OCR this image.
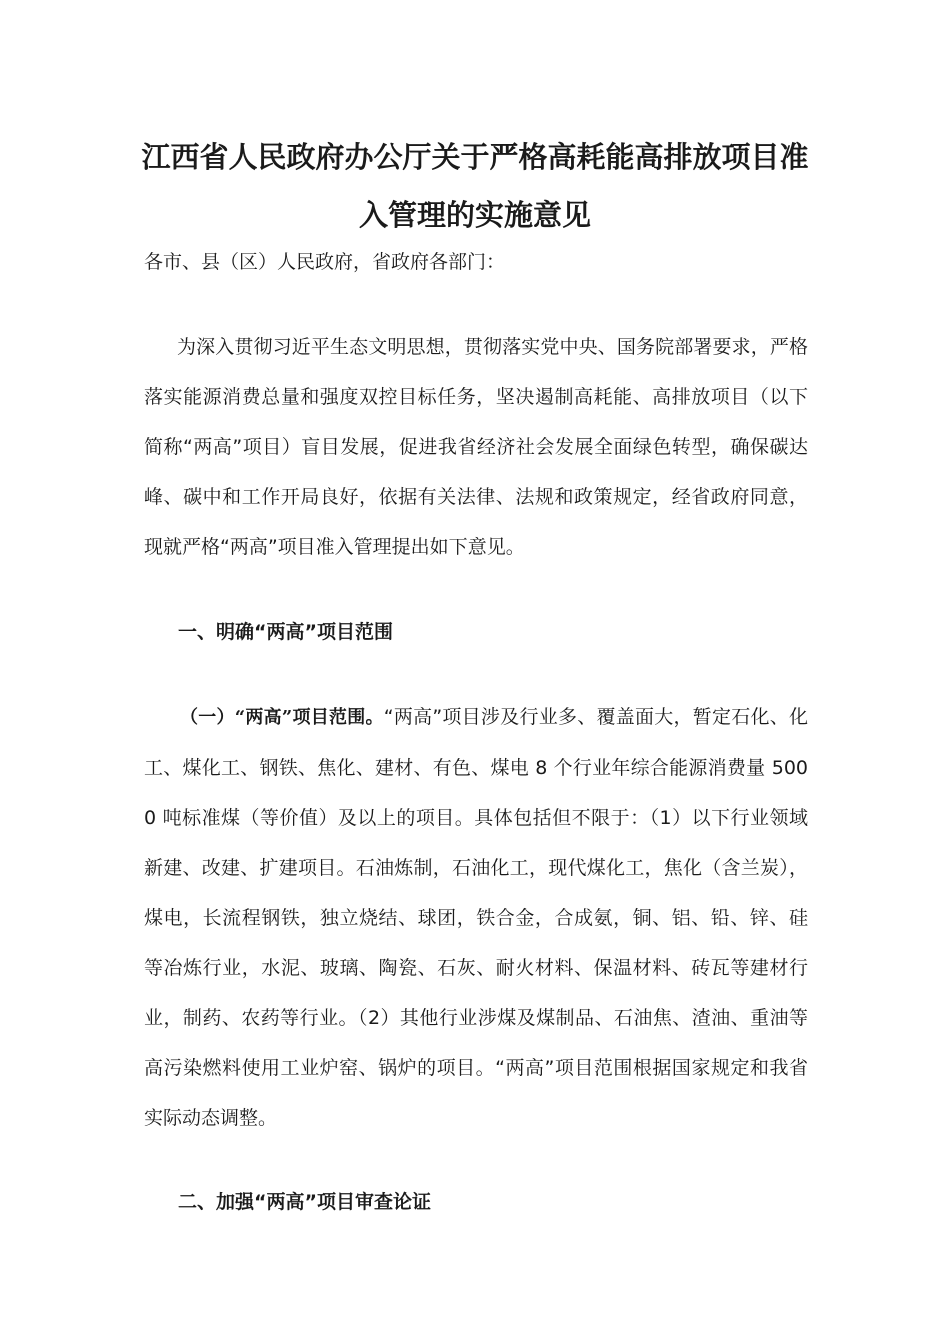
江西省人民政府办公厅关于严格高耗能高排放项目准入管理的实施意见

各市、县（区）人民政府，省政府各部门：

为深入贯彻习近平生态文明思想，贯彻落实党中央、国务院部署要求，严格落实能源消费总量和强度双控目标任务，坚决遏制高耗能、高排放项目（以下简称“两高”项目）盲目发展，促进我省经济社会发展全面绿色转型，确保碳达峰、碳中和工作开局良好，依据有关法律、法规和政策规定，经省政府同意，现就严格“两高”项目准入管理提出如下意见。

一、明确“两高”项目范围

（一）“两高”项目范围。“两高”项目涉及行业多、覆盖面大，暂定石化、化工、煤化工、钢铁、焦化、建材、有色、煤电 8 个行业年综合能源消费量 5000 吨标准煤（等价值）及以上的项目。具体包括但不限于：（1）以下行业领域新建、改建、扩建项目。石油炼制，石油化工，现代煤化工，焦化（含兰炭），煤电，长流程钢铁，独立烧结、球团，铁合金，合成氨，铜、铝、铅、锌、硅等冶炼行业，水泥、玻璃、陶瓷、石灰、耐火材料、保温材料、砖瓦等建材行业，制药、农药等行业。（2）其他行业涉煤及煤制品、石油焦、渣油、重油等高污染燃料使用工业炉窑、锅炉的项目。“两高”项目范围根据国家规定和我省实际动态调整。

二、加强“两高”项目审查论证
